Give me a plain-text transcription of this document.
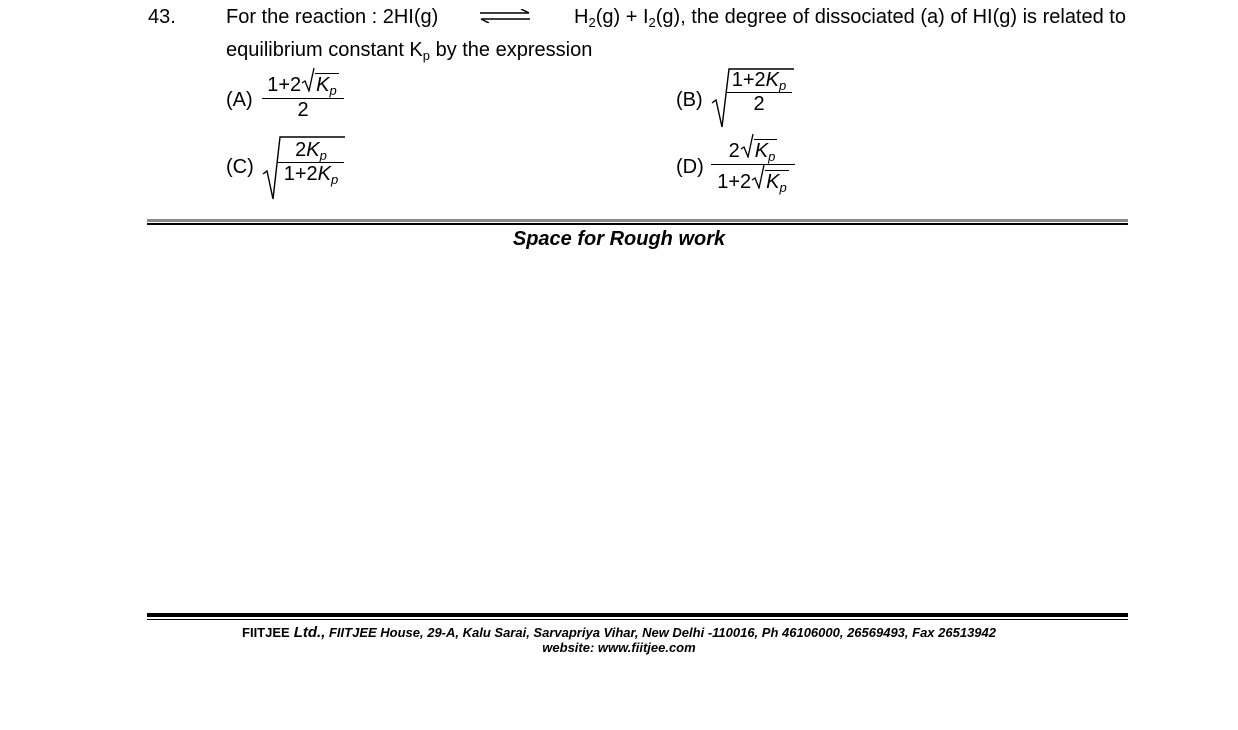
43.	For the reaction : 2HI(g)	$H_2(g) + I_2(g)$, the degree of dissociated (a) of HI(g) is related to
equilibrium constant $K_p$ by the expression
(A)
1+2 $K_p$
2	(B)
$1+2K_p$
2
(C)
$2K_p$
$1+2K_p$
(D)
2 $K_p$
1+2 $K_p$
Space for Rough work
FIITJEE Ltd., FIITJEE House, 29-A, Kalu Sarai, Sarvapriya Vihar, New Delhi -110016, Ph 46106000, 26569493, Fax 26513942
website: www.fiitjee.com
